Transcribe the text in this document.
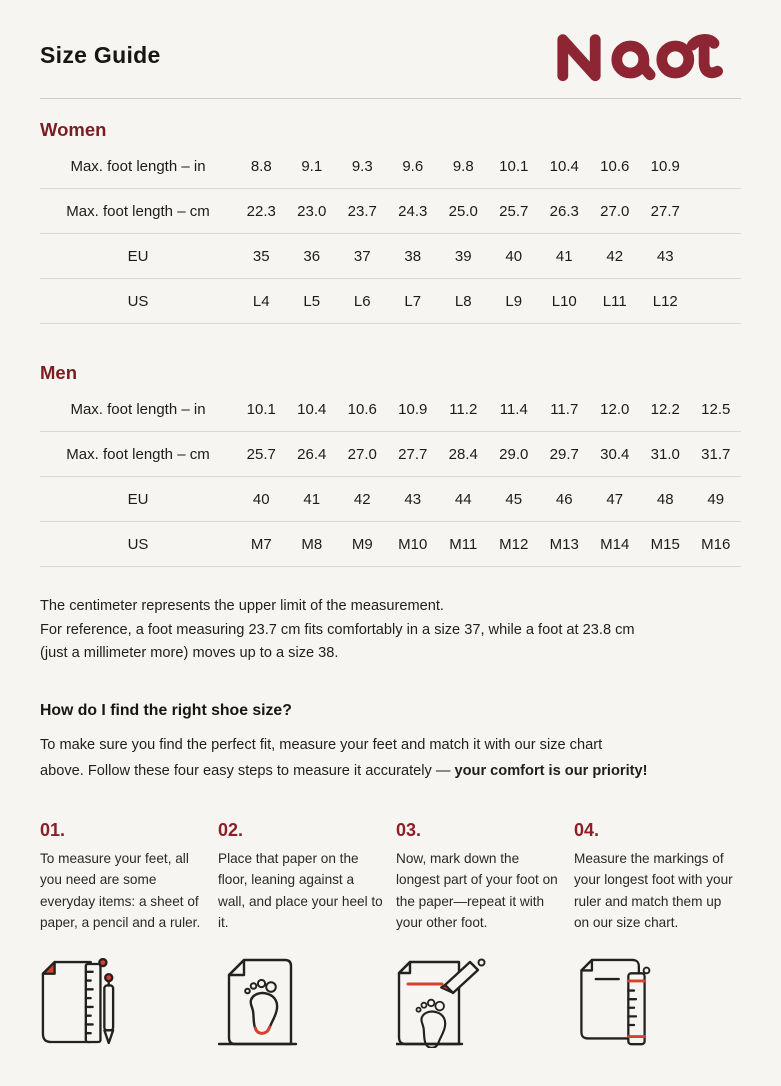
Size Guide
Women
Max. foot length – in	8.8	9.1	9.3	9.6	9.8	10.1	10.4	10.6	10.9	
Max. foot length – cm	22.3	23.0	23.7	24.3	25.0	25.7	26.3	27.0	27.7	
EU	35	36	37	38	39	40	41	42	43	
US	L4	L5	L6	L7	L8	L9	L10	L11	L12	
Men
Max. foot length – in	10.1	10.4	10.6	10.9	11.2	11.4	11.7	12.0	12.2	12.5
Max. foot length – cm	25.7	26.4	27.0	27.7	28.4	29.0	29.7	30.4	31.0	31.7
EU	40	41	42	43	44	45	46	47	48	49
US	M7	M8	M9	M10	M11	M12	M13	M14	M15	M16
The centimeter represents the upper limit of the measurement.
For reference, a foot measuring 23.7 cm fits comfortably in a size 37, while a foot at 23.8 cm
(just a millimeter more) moves up to a size 38.
How do I find the right shoe size?
To make sure you find the perfect fit, measure your feet and match it with our size chart
above. Follow these four easy steps to measure it accurately — your comfort is our priority!
01.
To measure your feet, all you need are some everyday items: a sheet of paper, a pencil and a ruler.
02.
Place that paper on the floor, leaning against a wall, and place your heel to it.
03.
Now, mark down the longest part of your foot on the paper—repeat it with your other foot.
04.
Measure the markings of your longest foot with your ruler and match them up on our size chart.
